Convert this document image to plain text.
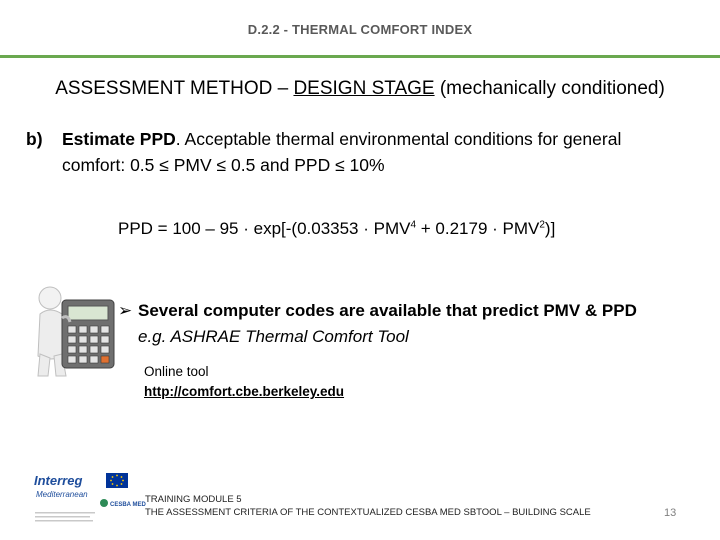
D.2.2 - THERMAL COMFORT INDEX
ASSESSMENT METHOD – DESIGN STAGE (mechanically conditioned)
b) Estimate PPD. Acceptable thermal environmental conditions for general
comfort: 0.5 ≤ PMV ≤ 0.5 and PPD ≤ 10%
PPD = $100 - 95 \cdot \exp[-(0.03353 \cdot PMV^4 + 0.2179 \cdot PMV^2)]$
➢ Several computer codes are available that predict PMV & PPD
e.g. ASHRAE Thermal Comfort Tool
Online tool
http://comfort.cbe.berkeley.edu
Interreg
Mediterranean
CESBA MED TRAINING MODULE 5
THE ASSESSMENT CRITERIA OF THE CONTEXTUALIZED CESBA MED SBTOOL – BUILDING SCALE	13
